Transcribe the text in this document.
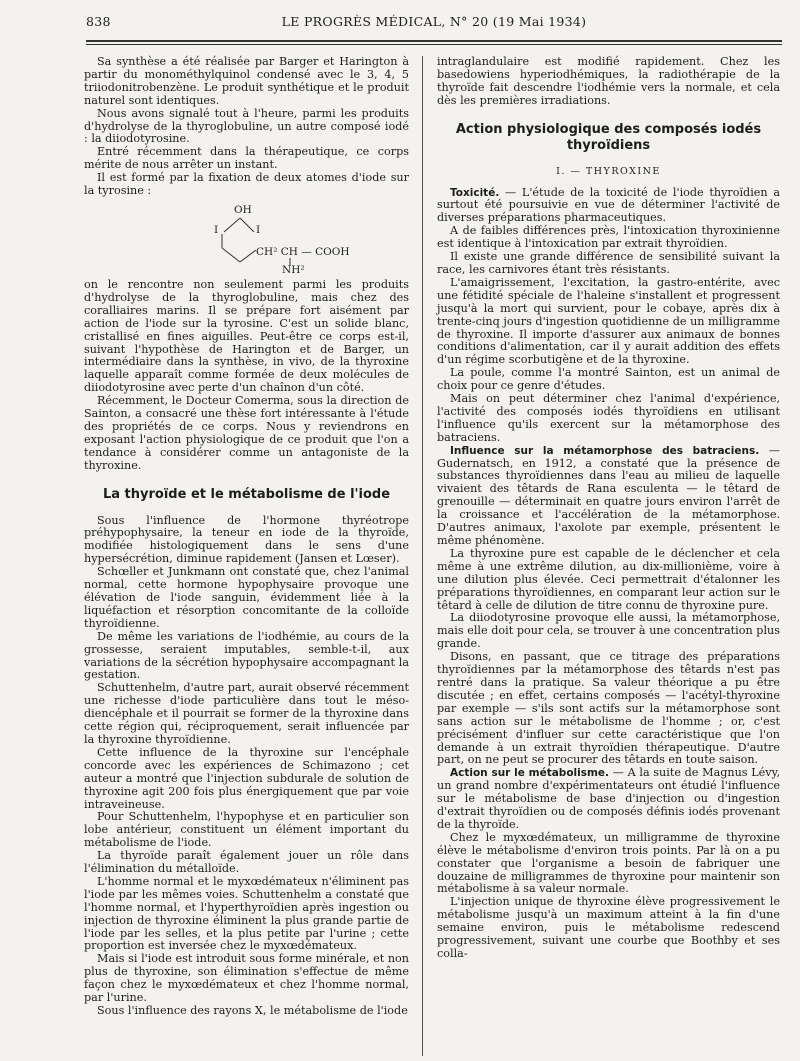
838	LE PROGRÈS MÉDICAL, N° 20 (19 Mai 1934)

Sa synthèse a été réalisée par Barger et Harington à partir du monométhylquinol condensé avec le 3, 4, 5 triiodonitrobenzène. Le produit synthétique et le produit naturel sont identiques.

Nous avons signalé tout à l'heure, parmi les produits d'hydrolyse de la thyroglobuline, un autre composé iodé : la diiodotyrosine.

Entré récemment dans la thérapeutique, ce corps mérite de nous arrêter un instant.

Il est formé par la fixation de deux atomes d'iode sur la tyrosine :

OH
I	I
CH² CH — COOH
NH²

on le rencontre non seulement parmi les produits d'hydrolyse de la thyroglobuline, mais chez des coralliaires marins. Il se prépare fort aisément par action de l'iode sur la tyrosine. C'est un solide blanc, cristallisé en fines aiguilles. Peut-être ce corps est-il, suivant l'hypothèse de Harington et de Barger, un intermédiaire dans la synthèse, in vivo, de la thyroxine laquelle apparaît comme formée de deux molécules de diiodotyrosine avec perte d'un chaînon d'un côté.

Récemment, le Docteur Comerma, sous la direction de Sainton, a consacré une thèse fort intéressante à l'étude des propriétés de ce corps. Nous y reviendrons en exposant l'action physiologique de ce produit que l'on a tendance à considérer comme un antagoniste de la thyroxine.

La thyroïde et le métabolisme de l'iode

Sous l'influence de l'hormone thyréotrope préhypophysaire, la teneur en iode de la thyroïde, modifiée histologiquement dans le sens d'une hypersécrétion, diminue rapidement (Jansen et Lœser).

Schœller et Junkmann ont constaté que, chez l'animal normal, cette hormone hypophysaire provoque une élévation de l'iode sanguin, évidemment liée à la liquéfaction et résorption concomitante de la colloïde thyroïdienne.

De même les variations de l'iodhémie, au cours de la grossesse, seraient imputables, semble-t-il, aux variations de la sécrétion hypophysaire accompagnant la gestation.

Schuttenhelm, d'autre part, aurait observé récemment une richesse d'iode particulière dans tout le méso-diencéphale et il pourrait se former de la thyroxine dans cette région qui, réciproquement, serait influencée par la thyroxine thyroïdienne.

Cette influence de la thyroxine sur l'encéphale concorde avec les expériences de Schimazono ; cet auteur a montré que l'injection subdurale de solution de thyroxine agit 200 fois plus énergiquement que par voie intraveineuse.

Pour Schuttenhelm, l'hypophyse et en particulier son lobe antérieur, constituent un élément important du métabolisme de l'iode.

La thyroïde paraît également jouer un rôle dans l'élimination du métalloïde.

L'homme normal et le myxœdémateux n'éliminent pas l'iode par les mêmes voies. Schuttenhelm a constaté que l'homme normal, et l'hyperthyroïdien après ingestion ou injection de thyroxine éliminent la plus grande partie de l'iode par les selles, et la plus petite par l'urine ; cette proportion est inversée chez le myxœdémateux.

Mais si l'iode est introduit sous forme minérale, et non plus de thyroxine, son élimination s'effectue de même façon chez le myxœdémateux et chez l'homme normal, par l'urine.

Sous l'influence des rayons X, le métabolisme de l'iode

intraglandulaire est modifié rapidement. Chez les basedowiens hyperiodhémiques, la radiothérapie de la thyroïde fait descendre l'iodhémie vers la normale, et cela dès les premières irradiations.

Action physiologique des composés iodés thyroïdiens
I. — THYROXINE

Toxicité. — L'étude de la toxicité de l'iode thyroïdien a surtout été poursuivie en vue de déterminer l'activité de diverses préparations pharmaceutiques.

A de faibles différences près, l'intoxication thyroxinienne est identique à l'intoxication par extrait thyroïdien.

Il existe une grande différence de sensibilité suivant la race, les carnivores étant très résistants.

L'amaigrissement, l'excitation, la gastro-entérite, avec une fétidité spéciale de l'haleine s'installent et progressent jusqu'à la mort qui survient, pour le cobaye, après dix à trente-cinq jours d'ingestion quotidienne de un milligramme de thyroxine. Il importe d'assurer aux animaux de bonnes conditions d'alimentation, car il y aurait addition des effets d'un régime scorbutigène et de la thyroxine.

La poule, comme l'a montré Sainton, est un animal de choix pour ce genre d'études.

Mais on peut déterminer chez l'animal d'expérience, l'activité des composés iodés thyroïdiens en utilisant l'influence qu'ils exercent sur la métamorphose des batraciens.

Influence sur la métamorphose des batraciens. — Gudernatsch, en 1912, a constaté que la présence de substances thyroïdiennes dans l'eau au milieu de laquelle vivaient des têtards de Rana esculenta — le têtard de grenouille — déterminait en quatre jours environ l'arrêt de la croissance et l'accélération de la métamorphose. D'autres animaux, l'axolote par exemple, présentent le même phénomène.

La thyroxine pure est capable de le déclencher et cela même à une extrême dilution, au dix-millionième, voire à une dilution plus élevée. Ceci permettrait d'étalonner les préparations thyroïdiennes, en comparant leur action sur le têtard à celle de dilution de titre connu de thyroxine pure.

La diiodotyrosine provoque elle aussi, la métamorphose, mais elle doit pour cela, se trouver à une concentration plus grande.

Disons, en passant, que ce titrage des préparations thyroïdiennes par la métamorphose des têtards n'est pas rentré dans la pratique. Sa valeur théorique a pu être discutée ; en effet, certains composés — l'acétyl-thyroxine par exemple — s'ils sont actifs sur la métamorphose sont sans action sur le métabolisme de l'homme ; or, c'est précisément d'influer sur cette caractéristique que l'on demande à un extrait thyroïdien thérapeutique. D'autre part, on ne peut se procurer des têtards en toute saison.

Action sur le métabolisme. — A la suite de Magnus Lévy, un grand nombre d'expérimentateurs ont étudié l'influence sur le métabolisme de base d'injection ou d'ingestion d'extrait thyroïdien ou de composés définis iodés provenant de la thyroïde.

Chez le myxœdémateux, un milligramme de thyroxine élève le métabolisme d'environ trois points. Par là on a pu constater que l'organisme a besoin de fabriquer une douzaine de milligrammes de thyroxine pour maintenir son métabolisme à sa valeur normale.

L'injection unique de thyroxine élève progressivement le métabolisme jusqu'à un maximum atteint à la fin d'une semaine environ, puis le métabolisme redescend progressivement, suivant une courbe que Boothby et ses colla-
